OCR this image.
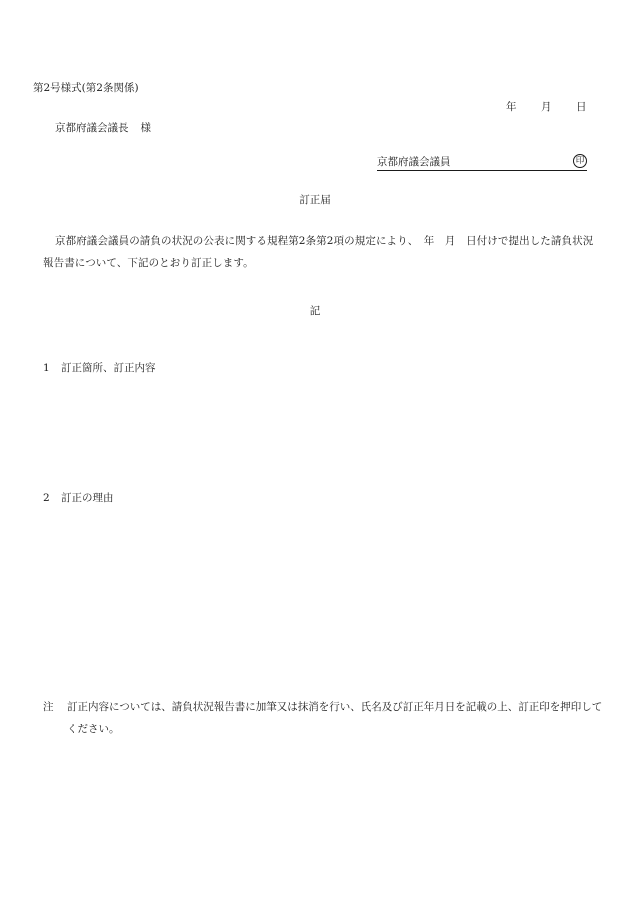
第2号様式(第2条関係)
年 月 日
京都府議会議長 様
京都府議会議員	印
訂正届

京都府議会議員の請負の状況の公表に関する規程第2条第2項の規定により、　年　月　日付けで提出した請負状況報告書について、下記のとおり訂正します。

記
1 訂正箇所、訂正内容
2 訂正の理由
注	訂正内容については、請負状況報告書に加筆又は抹消を行い、氏名及び訂正年月日を記載の上、訂正印を押印してください。
